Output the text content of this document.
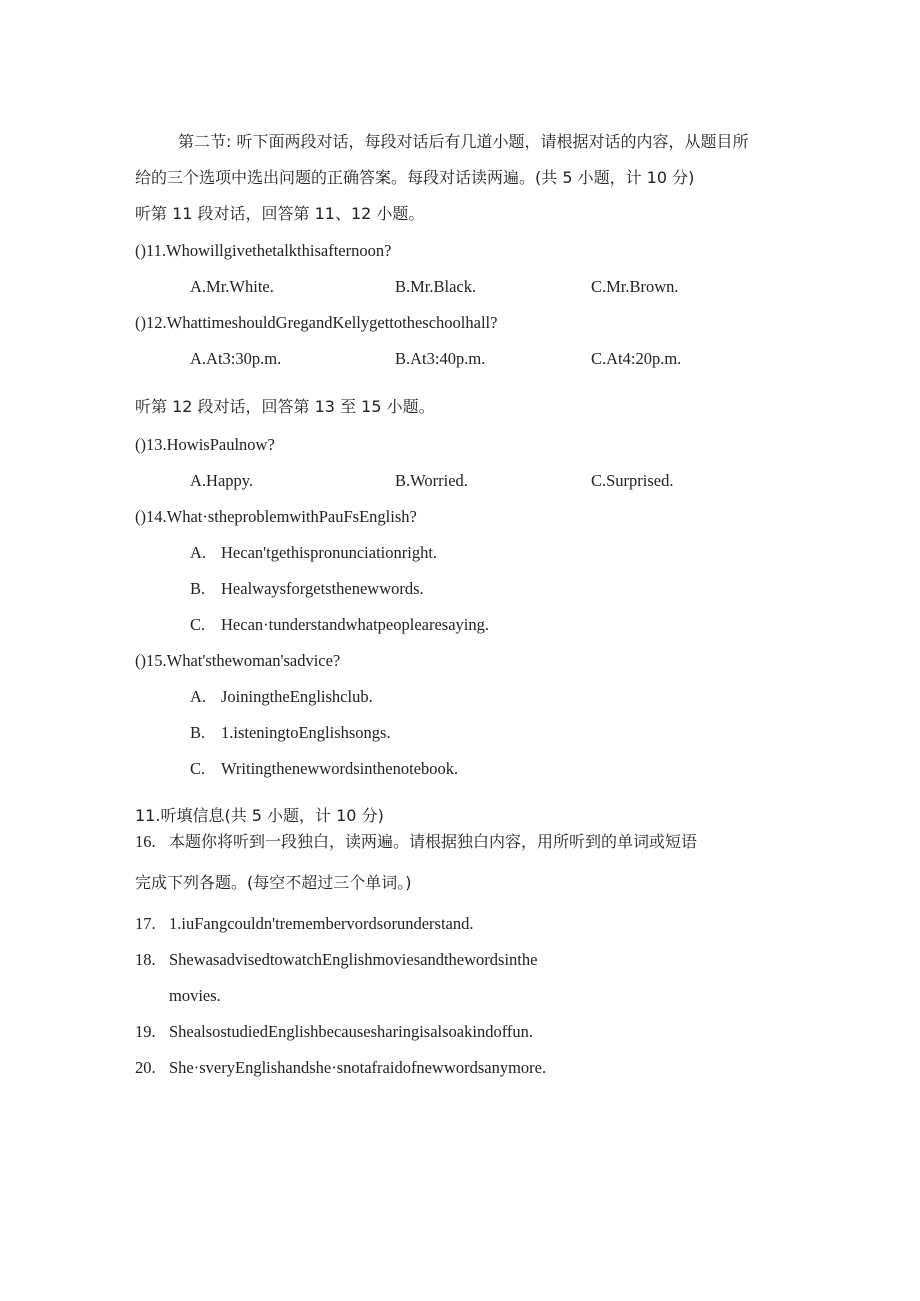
第二节: 听下面两段对话，每段对话后有几道小题，请根据对话的内容，从题目所
给的三个选项中选出问题的正确答案。每段对话读两遍。(共 5 小题，计 10 分)
听第 11 段对话，回答第 11、12 小题。
()11.Whowillgivethetalkthisafternoon?
A.Mr.White.	B.Mr.Black.	C.Mr.Brown.
()12.WhattimeshouldGregandKellygettotheschoolhall?
A.At3:30p.m.	B.At3:40p.m.	C.At4:20p.m.
听第 12 段对话，回答第 13 至 15 小题。
()13.HowisPaulnow?
A.Happy.	B.Worried.	C.Surprised.
()14.What·stheproblemwithPauFsEnglish?
A. Hecan'tgethispronunciationright.
B. Healwaysforgetsthenewwords.
C. Hecan·tunderstandwhatpeoplearesaying.
()15.What'sthewoman'sadvice?
A. JoiningtheEnglishclub.
B. 1.isteningtoEnglishsongs.
C. Writingthenewwordsinthenotebook.
11.听填信息(共 5 小题，计 10 分)
16. 本题你将听到一段独白，读两遍。请根据独白内容，用所听到的单词或短语
完成下列各题。(每空不超过三个单词。)
17. 1.iuFangcouldn'tremembervordsorunderstand.
18. ShewasadvisedtowatchEnglishmoviesandthewordsinthe
movies.
19. ShealsostudiedEnglishbecausesharingisalsoakindoffun.
20. She·sveryEnglishandshe·snotafraidofnewwordsanymore.
